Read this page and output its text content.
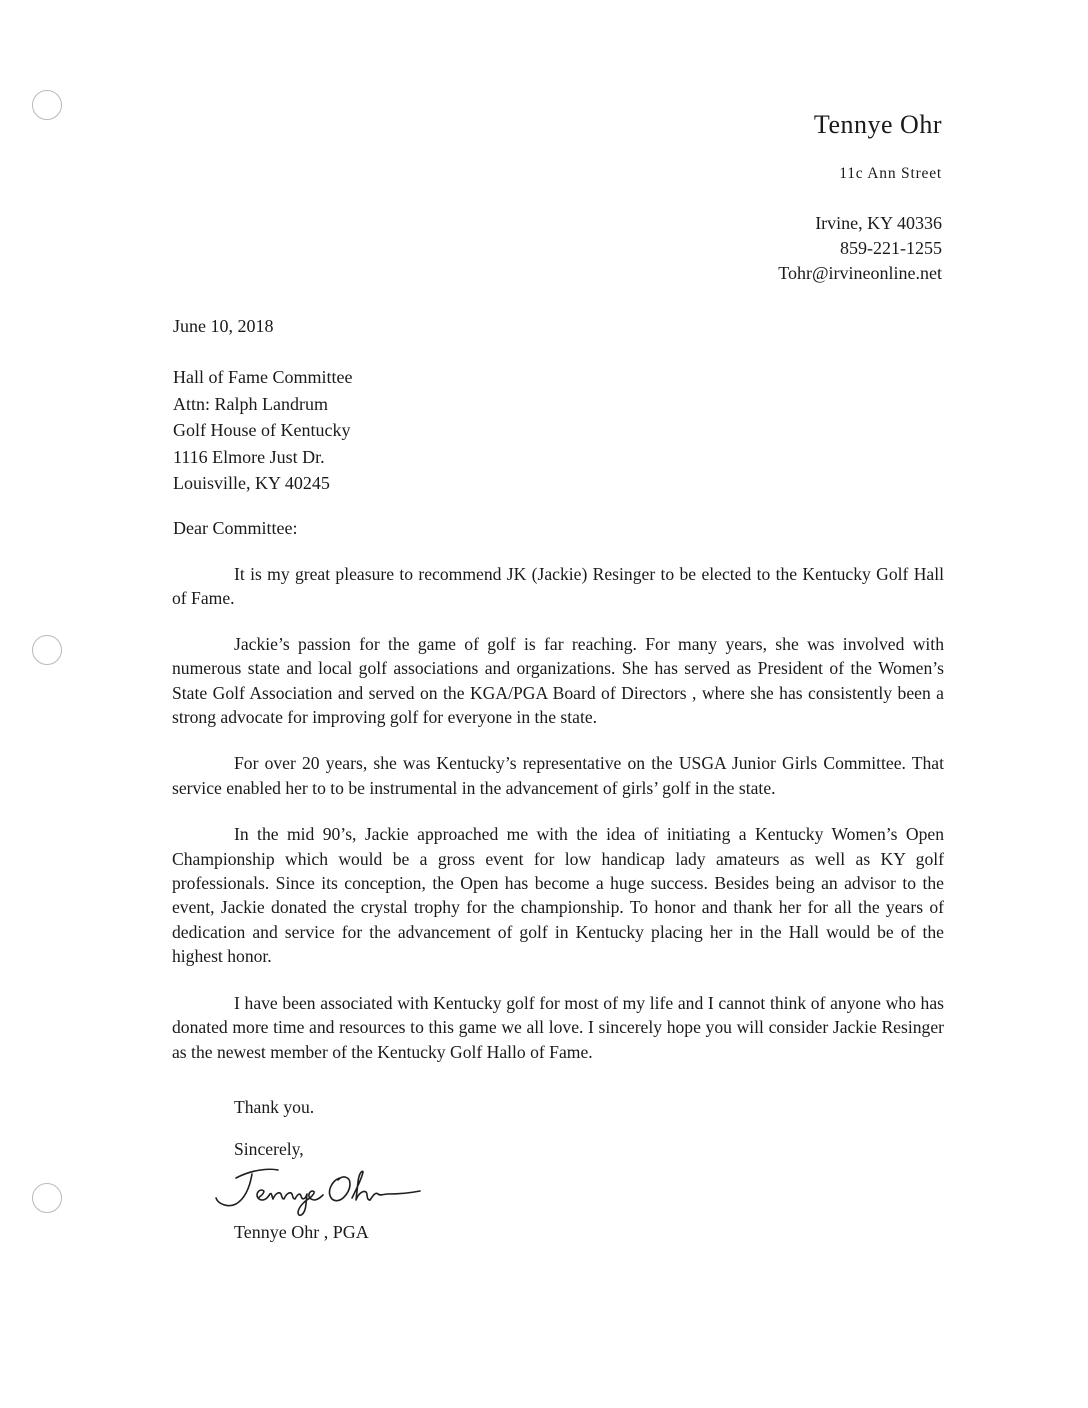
Tennye Ohr
11c Ann Street
Irvine, KY 40336
859-221-1255
Tohr@irvineonline.net
June 10, 2018
Hall of Fame Committee
Attn: Ralph Landrum
Golf House of Kentucky
1116 Elmore Just Dr.
Louisville, KY 40245
Dear Committee:

It is my great pleasure to recommend JK (Jackie) Resinger to be elected to the Kentucky Golf Hall of Fame.

Jackie’s passion for the game of golf is far reaching. For many years, she was involved with numerous state and local golf associations and organizations. She has served as President of the Women’s State Golf Association and served on the KGA/PGA Board of Directors , where she has consistently been a strong advocate for improving golf for everyone in the state.

For over 20 years, she was Kentucky’s representative on the USGA Junior Girls Committee. That service enabled her to to be instrumental in the advancement of girls’ golf in the state.

In the mid 90’s, Jackie approached me with the idea of initiating a Kentucky Women’s Open Championship which would be a gross event for low handicap lady amateurs as well as KY golf professionals. Since its conception, the Open has become a huge success. Besides being an advisor to the event, Jackie donated the crystal trophy for the championship. To honor and thank her for all the years of dedication and service for the advancement of golf in Kentucky placing her in the Hall would be of the highest honor.

I have been associated with Kentucky golf for most of my life and I cannot think of anyone who has donated more time and resources to this game we all love. I sincerely hope you will consider Jackie Resinger as the newest member of the Kentucky Golf Hallo of Fame.

Thank you.
Sincerely,
Tennye Ohr , PGA
